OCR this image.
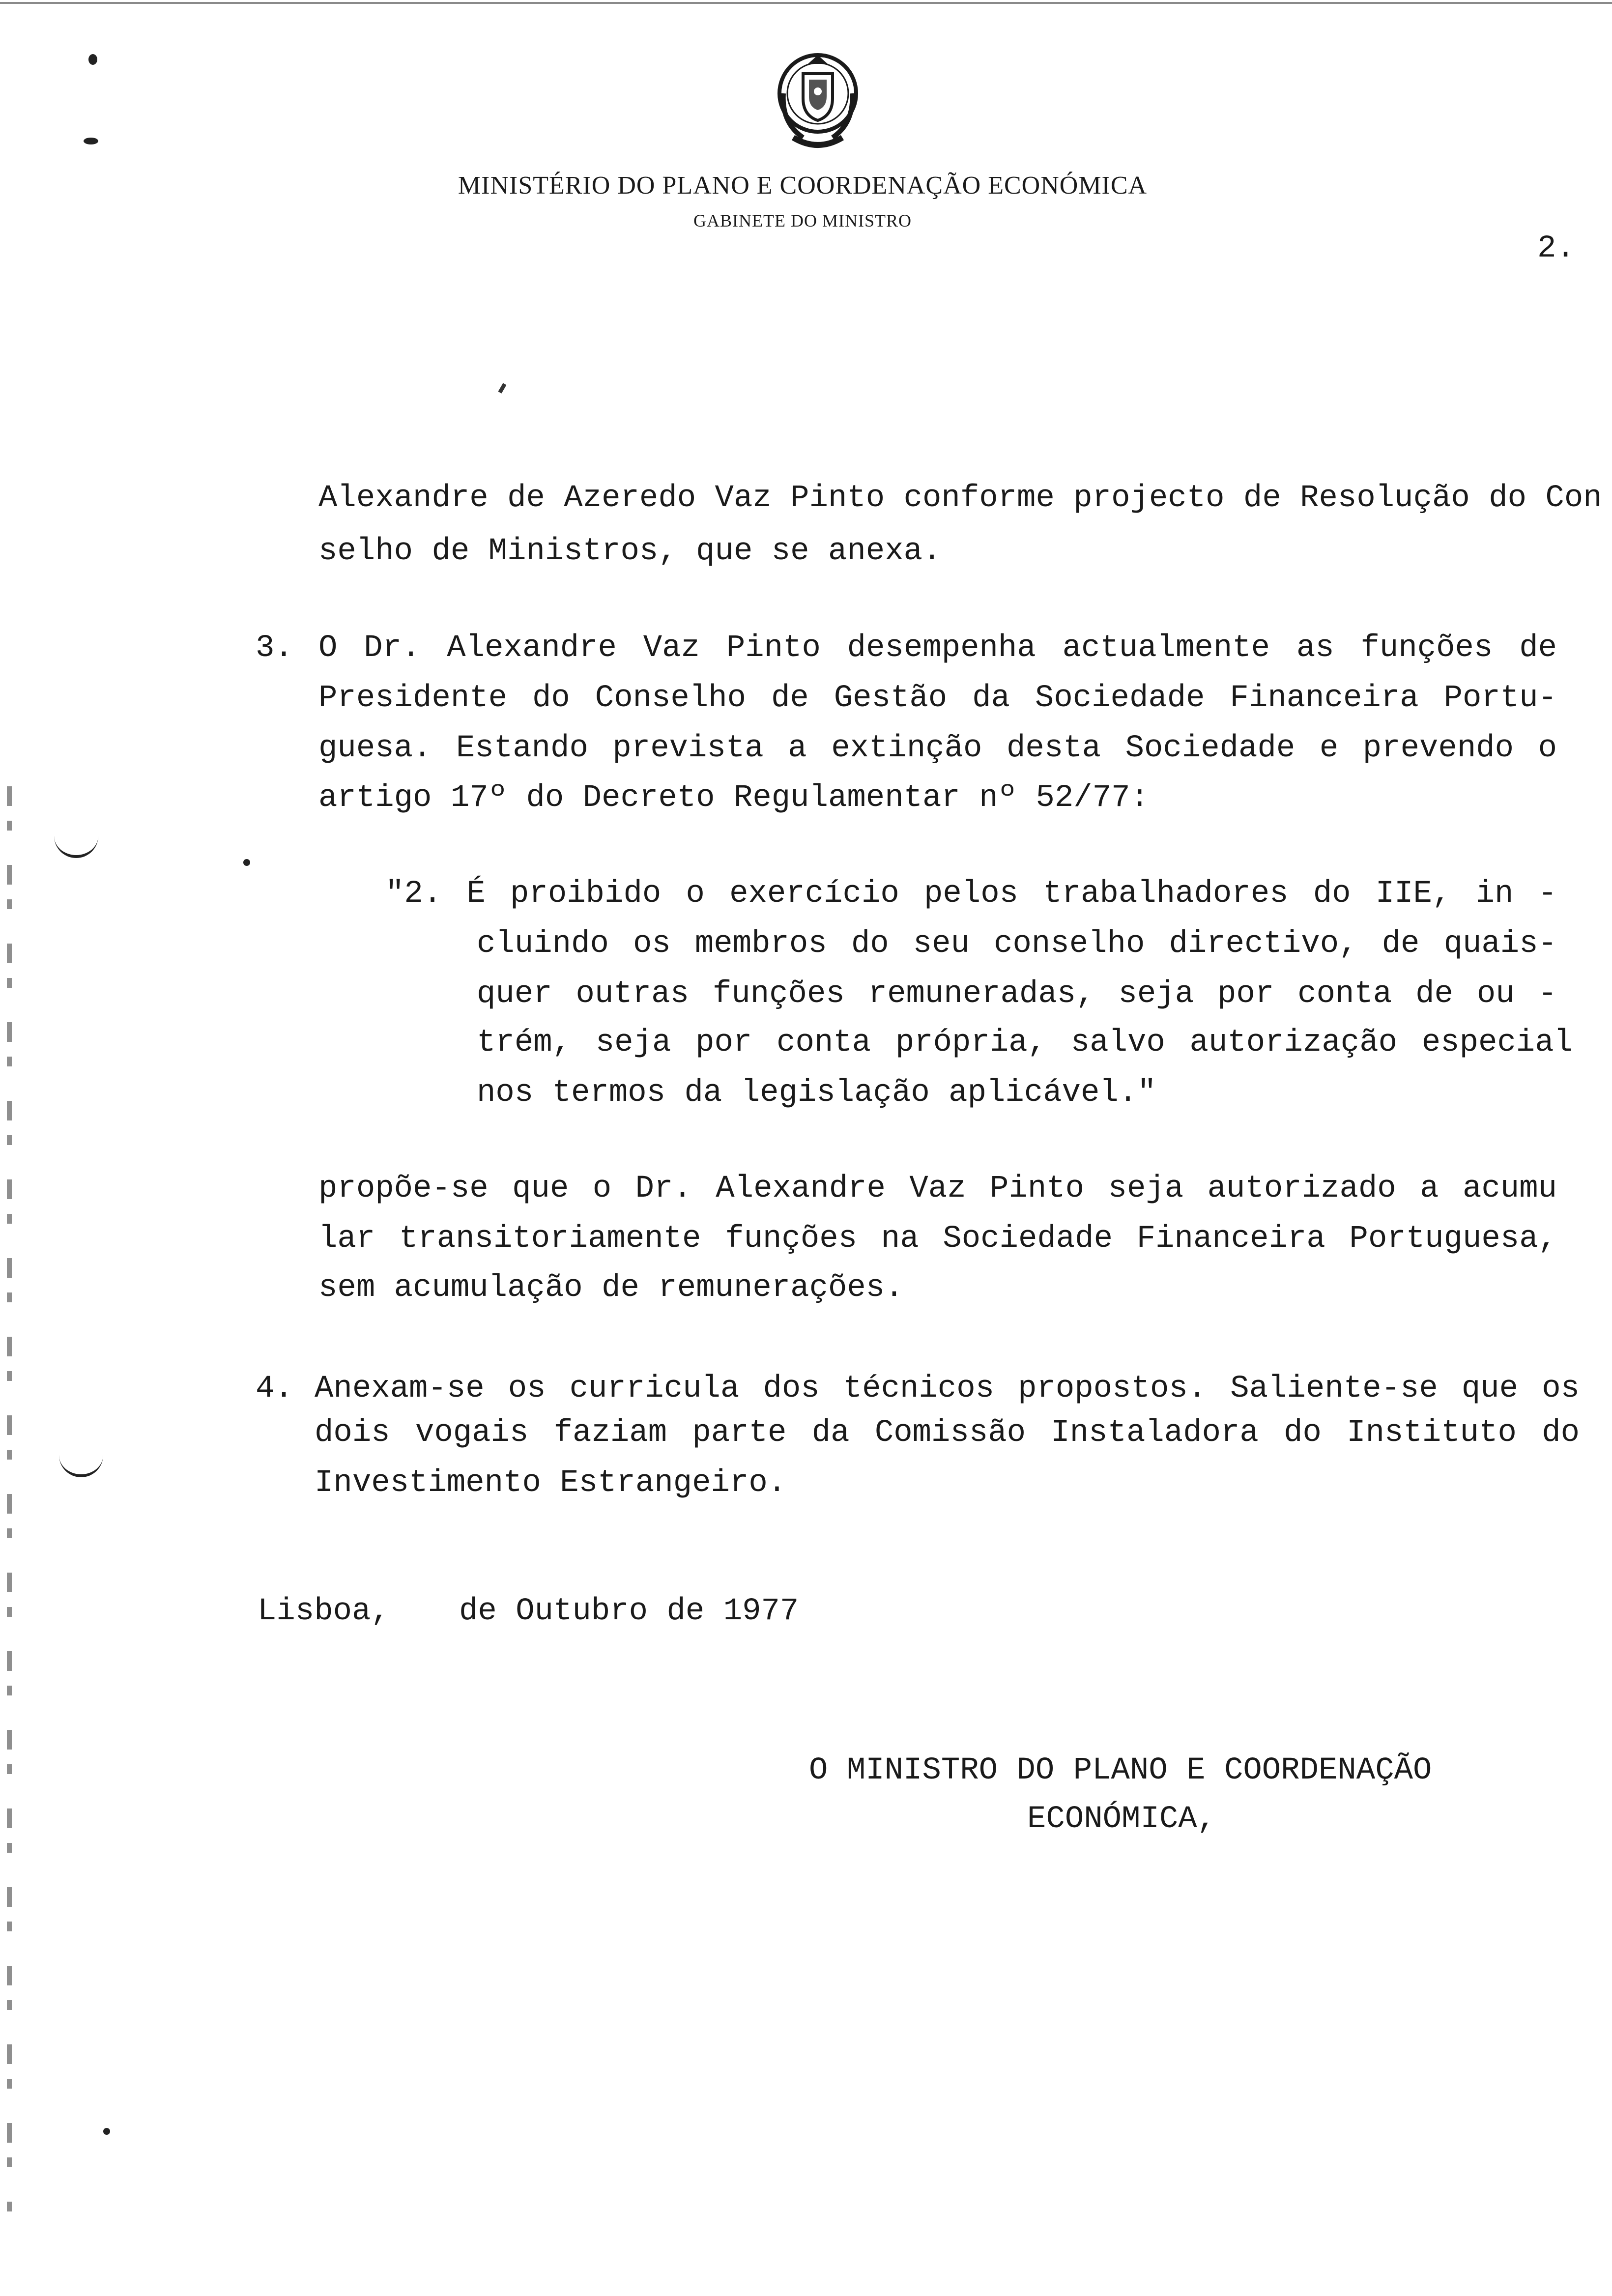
MINISTÉRIO DO PLANO E COORDENAÇÃO ECONÓMICA
GABINETE DO MINISTRO
2.
Alexandre de Azeredo Vaz Pinto conforme projecto de Resolução do Con
selho de Ministros, que se anexa.
3. O Dr. Alexandre Vaz Pinto desempenha actualmente as funções de
Presidente do Conselho de Gestão da Sociedade Financeira Portu-
guesa. Estando prevista a extinção desta Sociedade e prevendo o
artigo 17º do Decreto Regulamentar nº 52/77:
"2. É proibido o exercício pelos trabalhadores do IIE, in -
cluindo os membros do seu conselho directivo, de quais-
quer outras funções remuneradas, seja por conta de ou -
trém, seja por conta própria, salvo autorização especial
nos termos da legislação aplicável."
propõe-se que o Dr. Alexandre Vaz Pinto seja autorizado a acumu
lar transitoriamente funções na Sociedade Financeira Portuguesa,
sem acumulação de remunerações.
4. Anexam-se os curricula dos técnicos propostos. Saliente-se que os
dois vogais faziam parte da Comissão Instaladora do Instituto do
Investimento Estrangeiro.
Lisboa, de Outubro de 1977
O MINISTRO DO PLANO E COORDENAÇÃO
ECONÓMICA,
